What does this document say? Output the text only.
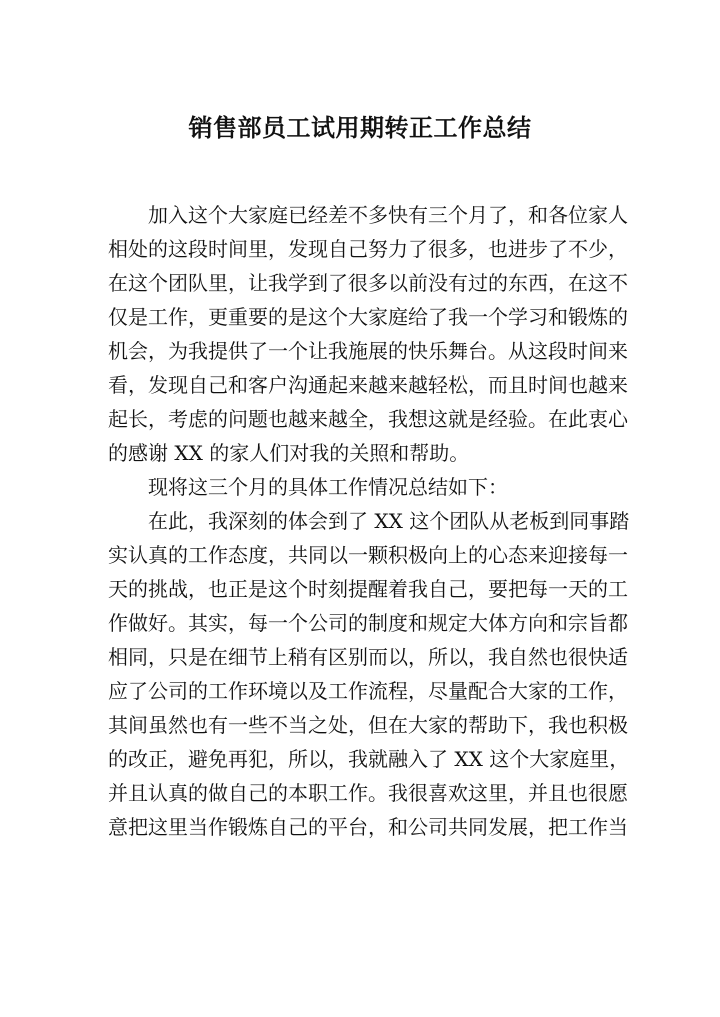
销售部员工试用期转正工作总结

加入这个大家庭已经差不多快有三个月了，和各位家人
相处的这段时间里，发现自己努力了很多，也进步了不少，
在这个团队里，让我学到了很多以前没有过的东西，在这不
仅是工作，更重要的是这个大家庭给了我一个学习和锻炼的
机会，为我提供了一个让我施展的快乐舞台。从这段时间来
看，发现自己和客户沟通起来越来越轻松，而且时间也越来
起长，考虑的问题也越来越全，我想这就是经验。在此衷心
的感谢 XX 的家人们对我的关照和帮助。

现将这三个月的具体工作情况总结如下：

在此，我深刻的体会到了 XX 这个团队从老板到同事踏
实认真的工作态度，共同以一颗积极向上的心态来迎接每一
天的挑战，也正是这个时刻提醒着我自己，要把每一天的工
作做好。其实，每一个公司的制度和规定大体方向和宗旨都
相同，只是在细节上稍有区别而以，所以，我自然也很快适
应了公司的工作环境以及工作流程，尽量配合大家的工作，
其间虽然也有一些不当之处，但在大家的帮助下，我也积极
的改正，避免再犯，所以，我就融入了 XX 这个大家庭里，
并且认真的做自己的本职工作。我很喜欢这里，并且也很愿
意把这里当作锻炼自己的平台，和公司共同发展，把工作当
